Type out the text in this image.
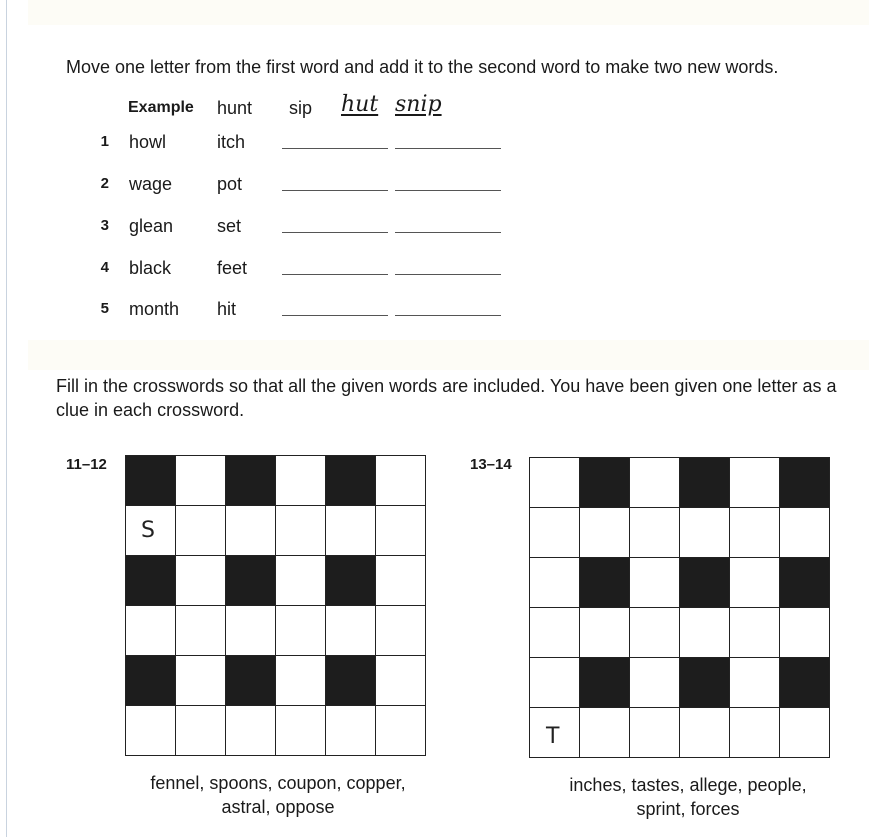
Move one letter from the first word and add it to the second word to make two new words.

Example hunt sip hut snip
1 howl	itch
2 wage pot
3 glean set
4 black	feet
5 month hit

Fill in the crosswords so that all the given words are included. You have been given one letter as a clue in each crossword.

11–12
S

fennel, spoons, coupon, copper,
astral, oppose

13–14
T

inches, tastes, allege, people,
sprint, forces
